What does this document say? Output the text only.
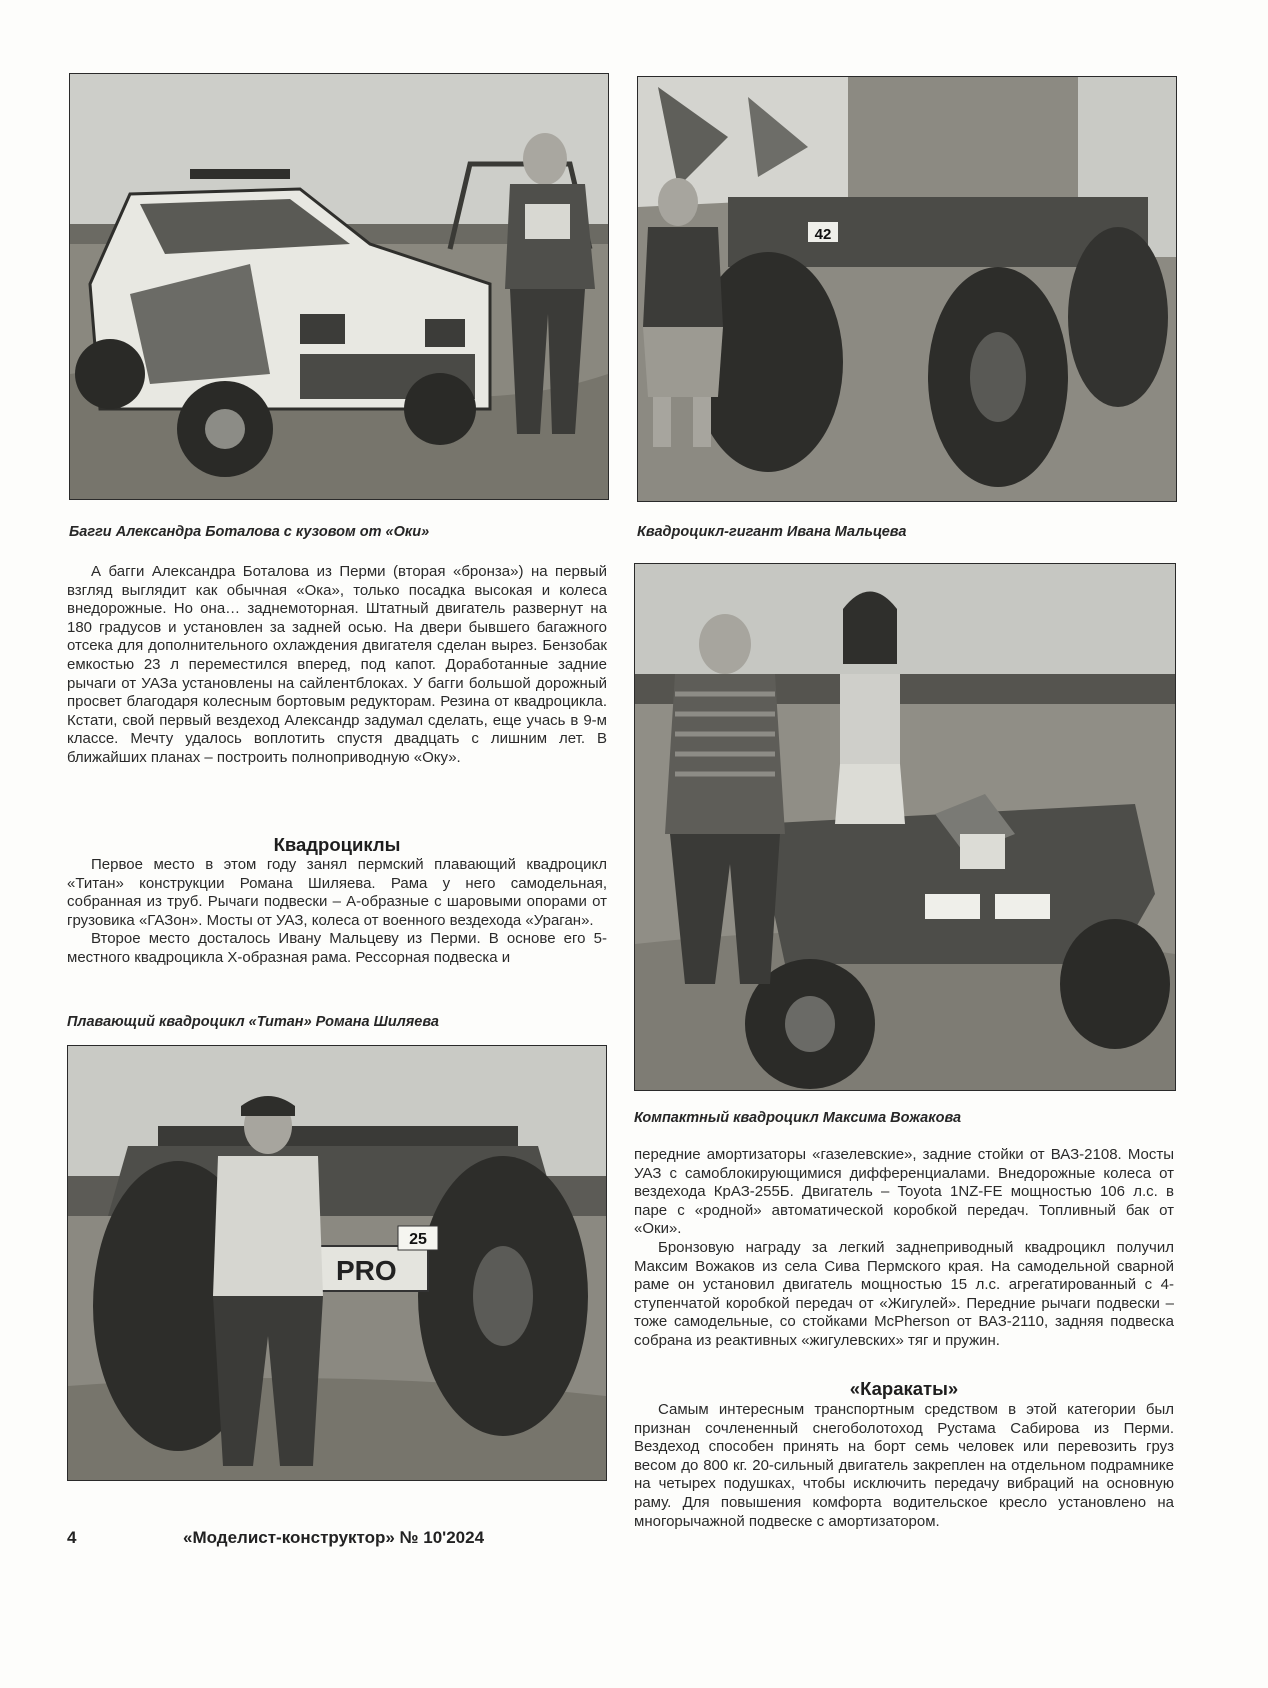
42
PRO
25
Багги Александра Боталова с кузовом от «Оки»	Квадроцикл-гигант Ивана Мальцева
Плавающий квадроцикл «Титан» Романа Шиляева
Компактный квадроцикл Максима Вожакова

А багги Александра Боталова из Перми (вторая «бронза») на первый взгляд выглядит как обычная «Ока», только посадка высокая и колеса внедорожные. Но она… заднемоторная. Штатный двигатель развернут на 180 градусов и установлен за задней осью. На двери бывшего багажного отсека для дополнительного охлаждения двигателя сделан вырез. Бензобак емкостью 23 л переместился вперед, под капот. Доработанные задние рычаги от УАЗа установлены на сайлентблоках. У багги большой дорожный просвет благодаря колесным бортовым редукторам. Резина от квадроцикла. Кстати, свой первый вездеход Александр задумал сделать, еще учась в 9-м классе. Мечту удалось воплотить спустя двадцать с лишним лет. В ближайших планах – построить полноприводную «Оку».

Квадроциклы

Первое место в этом году занял пермский плавающий квадроцикл «Титан» конструкции Романа Шиляева. Рама у него самодельная, собранная из труб. Рычаги подвески – А-образные с шаровыми опорами от грузовика «ГАЗон». Мосты от УАЗ, колеса от военного вездехода «Ураган».

Второе место досталось Ивану Мальцеву из Перми. В основе его 5-местного квадроцикла Х-образная рама. Рессорная подвеска и

передние амортизаторы «газелевские», задние стойки от ВАЗ-2108. Мосты УАЗ с самоблокирующимися дифференциалами. Внедорожные колеса от вездехода КрАЗ-255Б. Двигатель – Toyota 1NZ-FE мощностью 106 л.с. в паре с «родной» автоматической коробкой передач. Топливный бак от «Оки».

Бронзовую награду за легкий заднеприводный квадроцикл получил Максим Вожаков из села Сива Пермского края. На самодельной сварной раме он установил двигатель мощностью 15 л.с. агрегатированный с 4-ступенчатой коробкой передач от «Жигулей». Передние рычаги подвески – тоже самодельные, со стойками McPherson от ВАЗ-2110, задняя подвеска собрана из реактивных «жигулевских» тяг и пружин.

«Каракаты»

Самым интересным транспортным средством в этой категории был признан сочлененный снегоболотоход Рустама Сабирова из Перми. Вездеход способен принять на борт семь человек или перевозить груз весом до 800 кг. 20-сильный двигатель закреплен на отдельном подрамнике на четырех подушках, чтобы исключить передачу вибраций на основную раму. Для повышения комфорта водительское кресло установлено на многорычажной подвеске с амортизатором.

4	«Моделист-конструктор» № 10'2024
